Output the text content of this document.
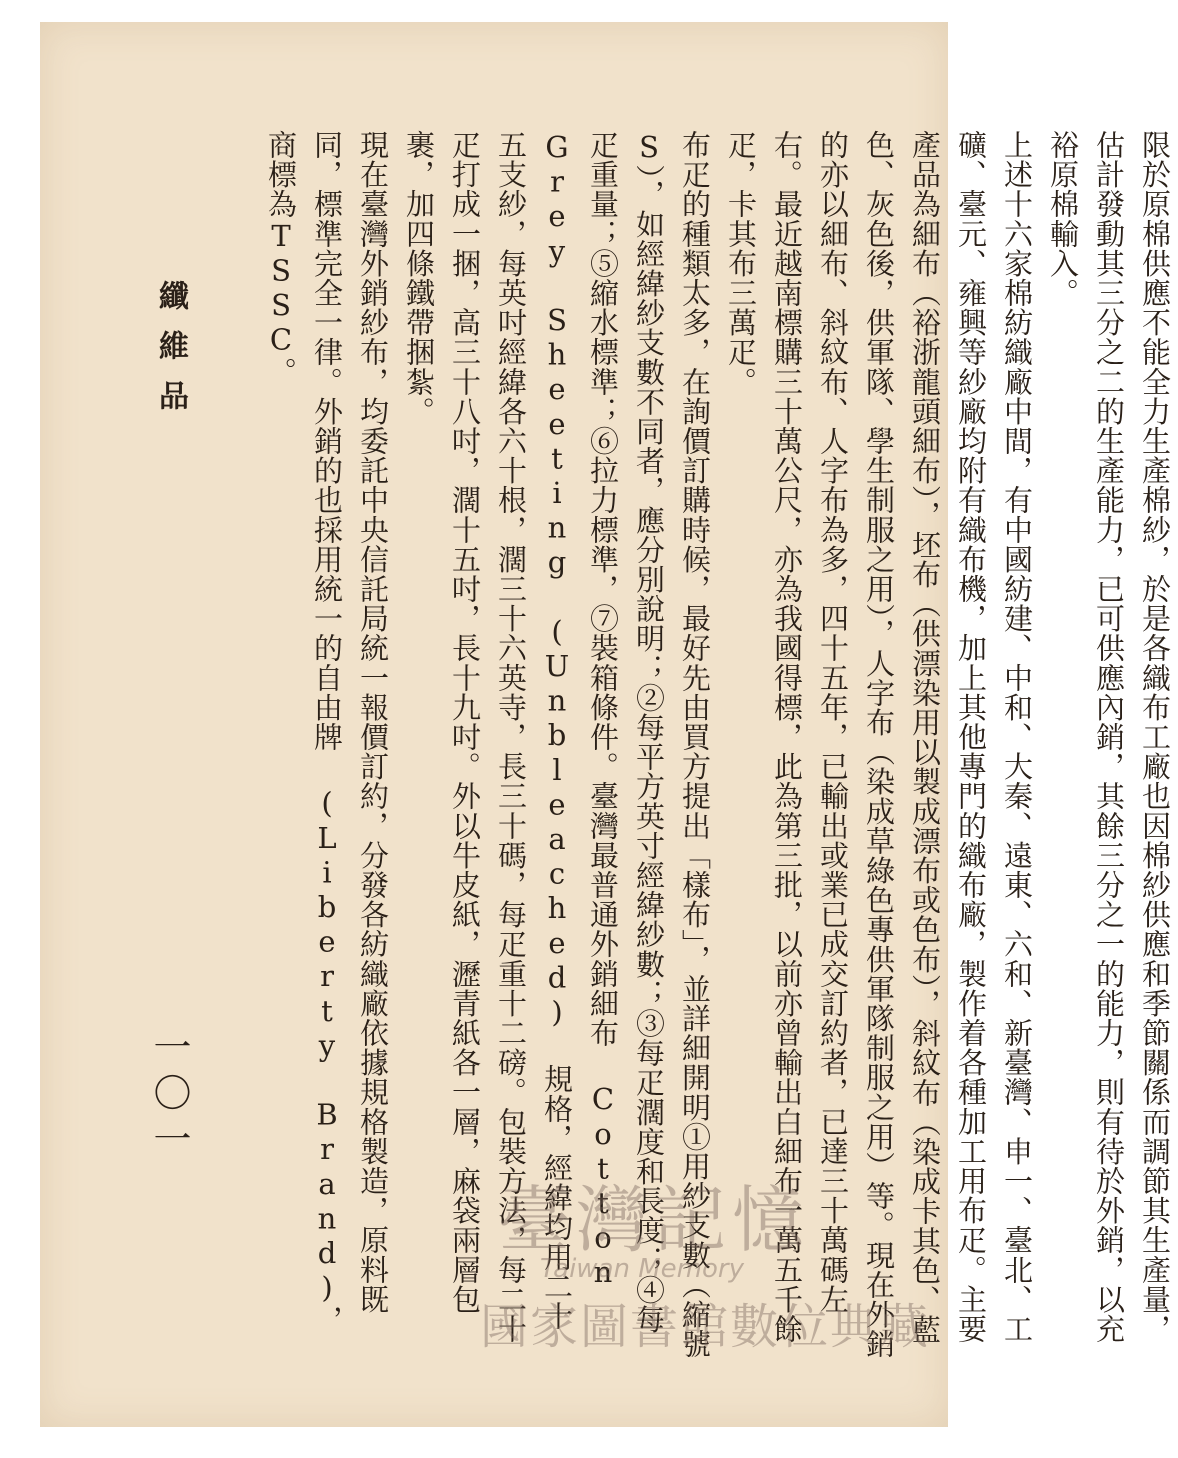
纖維品
一〇一	限於原棉供應不能全力生產棉紗，於是各織布工廠也因棉紗供應和季節關係而調節其生產量，估計發動其三分之二的生產能力，已可供應內銷，其餘三分之一的能力，則有待於外銷，以充裕原棉輸入。

上述十六家棉紡織廠中間，有中國紡建、中和、大秦、遠東、六和、新臺灣、申一、臺北、工礦、臺元、雍興等紗廠均附有織布機，加上其他專門的織布廠，製作着各種加工用布疋。主要產品為細布（裕浙龍頭細布），坯布（供漂染用以製成漂布或色布），斜紋布（染成卡其色、藍色、灰色後，供軍隊、學生制服之用），人字布（染成草綠色專供軍隊制服之用）等。現在外銷的亦以細布、斜紋布、人字布為多，四十五年，已輸出或業已成交訂約者，已達三十萬碼左右。最近越南標購三十萬公尺，亦為我國得標，此為第三批，以前亦曾輸出白細布一萬五千餘疋，卡其布三萬疋。

布疋的種類太多，在詢價訂購時候，最好先由買方提出「樣布」，並詳細開明①用紗支數（縮號S），如經緯紗支數不同者，應分別說明；②每平方英寸經緯紗數；③每疋濶度和長度；④每疋重量；⑤縮水標準；⑥拉力標準，⑦裝箱條件。臺灣最普通外銷細布 Cotton Grey Sheeting (Unbleached) 規格，經緯均用二十五支紗，每英吋經緯各六十根，濶三十六英寺，長三十碼，每疋重十二磅。包裝方法，每二十疋打成一捆，高三十八吋，濶十五吋，長十九吋。外以牛皮紙，瀝青紙各一層，麻袋兩層包裹，加四條鐵帶捆紮。

現在臺灣外銷紗布，均委託中央信託局統一報價訂約，分發各紡織廠依據規格製造，原料既同，標準完全一律。外銷的也採用統一的自由牌 (Liberty Brand)，商標為TSSC。

臺灣記憶
Taiwan Memory
國家圖書館數位典藏
